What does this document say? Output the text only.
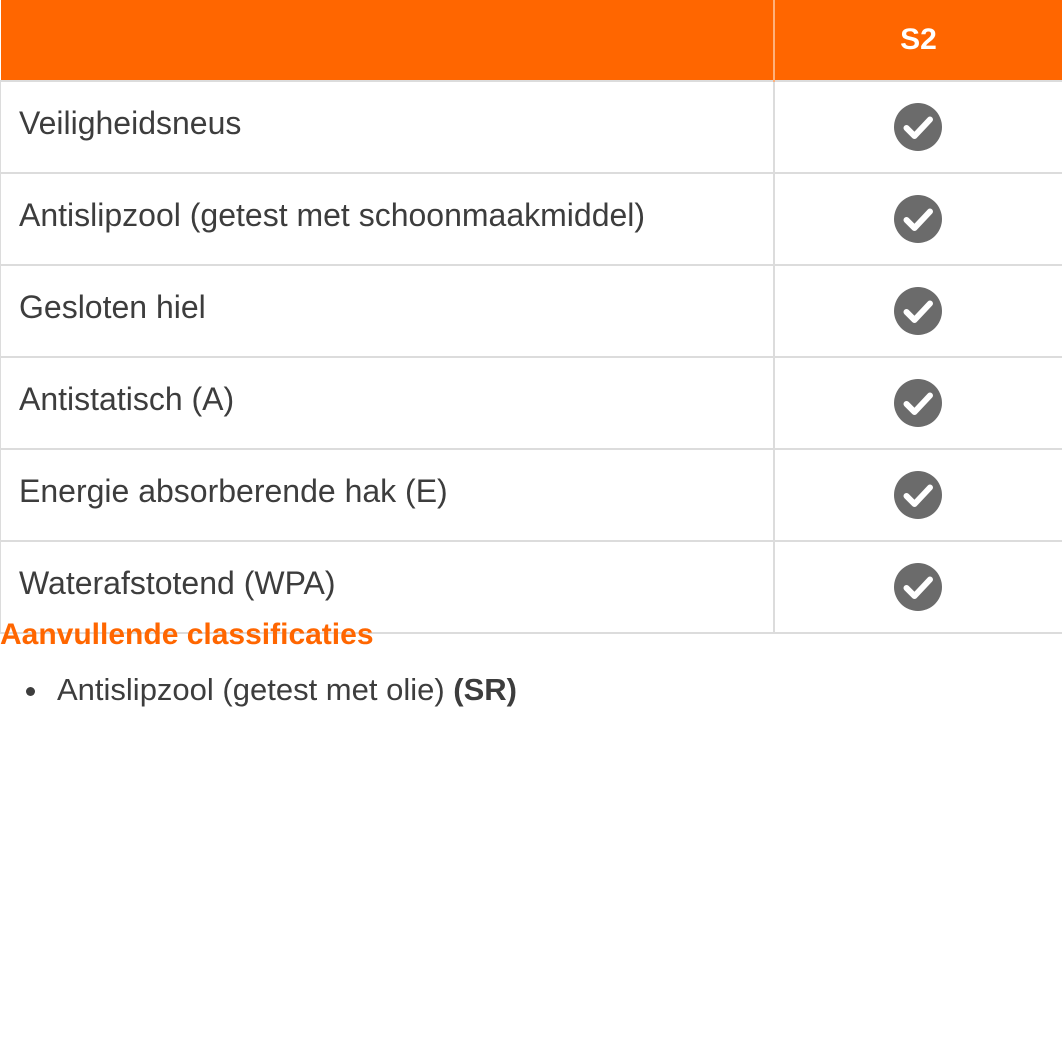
	S2
Veiligheidsneus	

Antislipzool (getest met schoonmaakmiddel)	

Gesloten hiel	

Antistatisch (A)	

Energie absorberende hak (E)	

Waterafstotend (WPA)	
Aanvullende classificaties
Antislipzool (getest met olie) (SR)
